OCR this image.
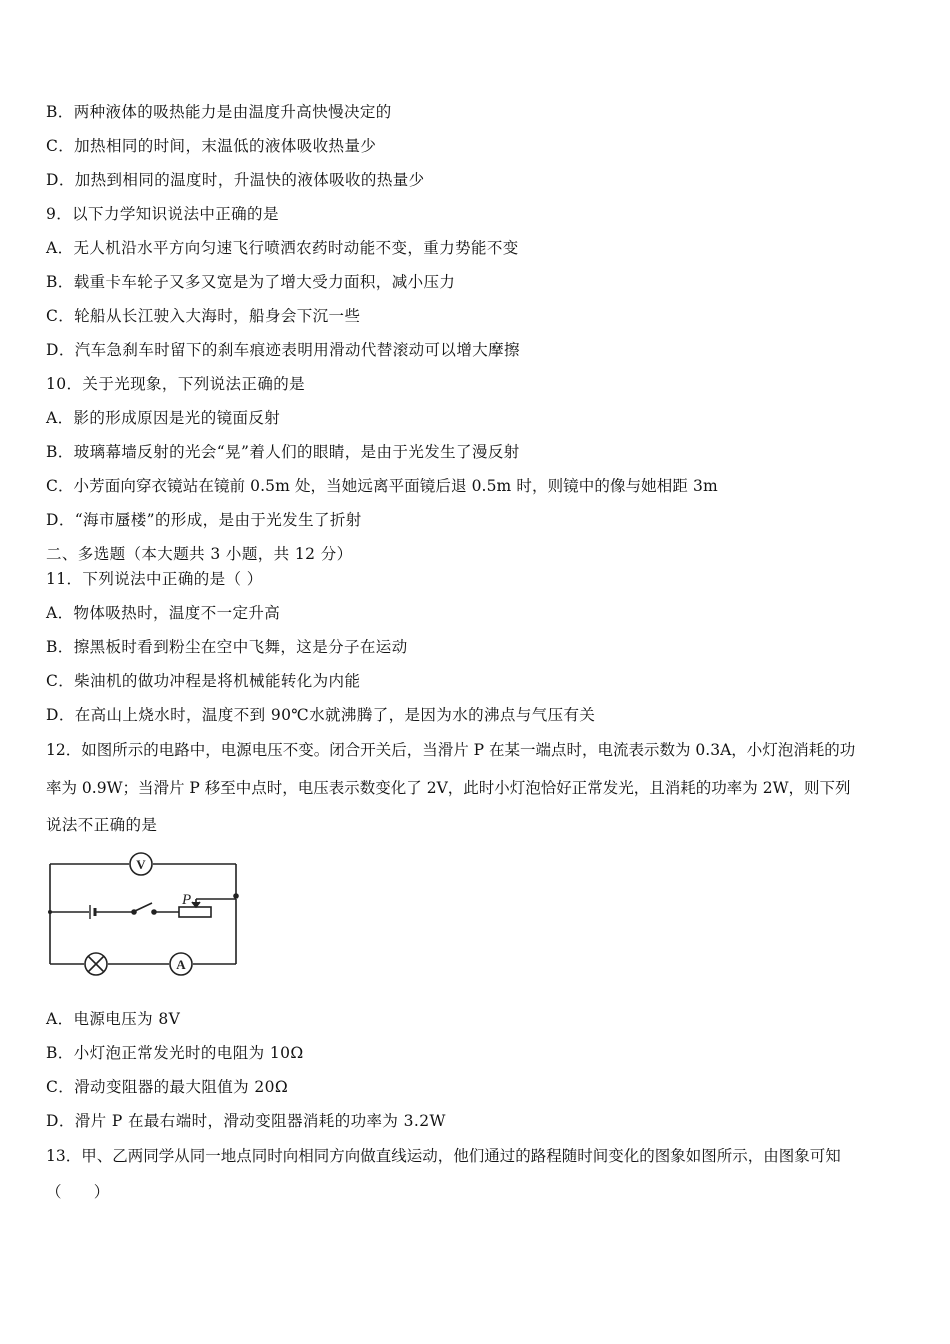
B．两种液体的吸热能力是由温度升高快慢决定的
C．加热相同的时间，末温低的液体吸收热量少
D．加热到相同的温度时，升温快的液体吸收的热量少
9．以下力学知识说法中正确的是
A．无人机沿水平方向匀速飞行喷洒农药时动能不变，重力势能不变
B．载重卡车轮子又多又宽是为了增大受力面积，减小压力
C．轮船从长江驶入大海时，船身会下沉一些
D．汽车急刹车时留下的刹车痕迹表明用滑动代替滚动可以增大摩擦
10．关于光现象，下列说法正确的是
A．影的形成原因是光的镜面反射
B．玻璃幕墙反射的光会“晃”着人们的眼睛，是由于光发生了漫反射
C．小芳面向穿衣镜站在镜前 0.5m 处，当她远离平面镜后退 0.5m 时，则镜中的像与她相距 3m
D．“海市蜃楼”的形成，是由于光发生了折射
二、多选题（本大题共 3 小题，共 12 分）
11．下列说法中正确的是（ ）
A．物体吸热时，温度不一定升高
B．擦黑板时看到粉尘在空中飞舞，这是分子在运动
C．柴油机的做功冲程是将机械能转化为内能
D．在高山上烧水时，温度不到 90℃水就沸腾了，是因为水的沸点与气压有关
12．如图所示的电路中，电源电压不变。闭合开关后，当滑片 P 在某一端点时，电流表示数为 0.3A，小灯泡消耗的功
率为 0.9W；当滑片 P 移至中点时，电压表示数变化了 2V，此时小灯泡恰好正常发光，且消耗的功率为 2W，则下列
说法不正确的是
V
A
P
A．电源电压为 8V
B．小灯泡正常发光时的电阻为 10Ω
C．滑动变阻器的最大阻值为 20Ω
D．滑片 P 在最右端时，滑动变阻器消耗的功率为 3.2W
13．甲、乙两同学从同一地点同时向相同方向做直线运动，他们通过的路程随时间变化的图象如图所示，由图象可知
（　　）
